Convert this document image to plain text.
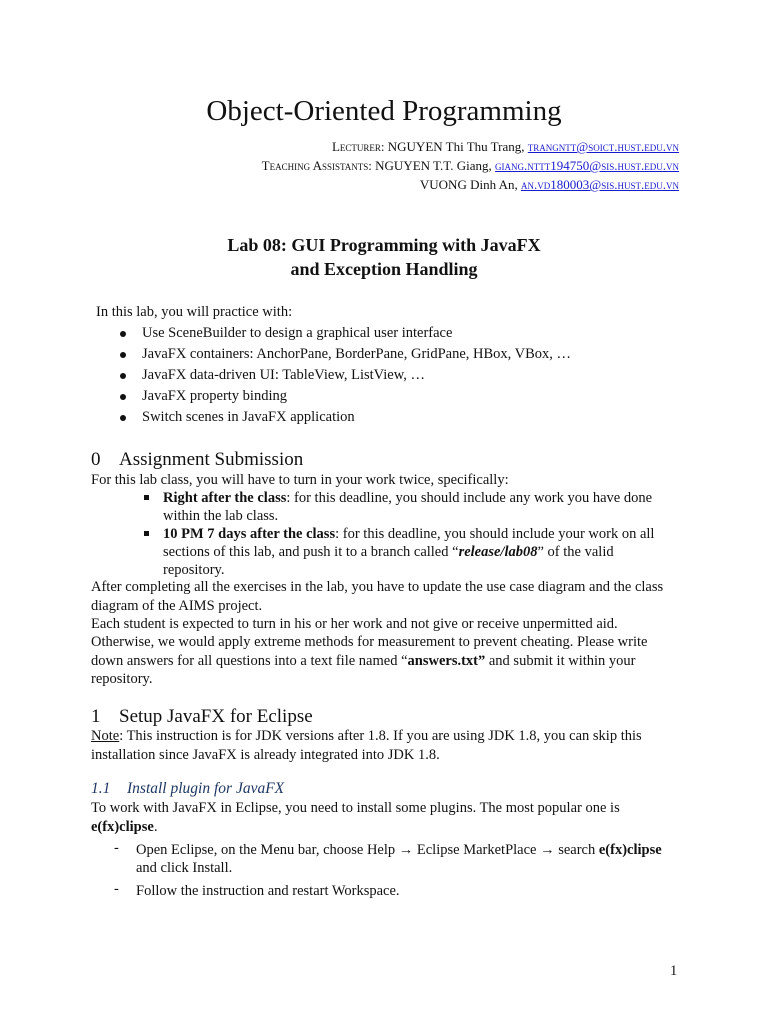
Object-Oriented Programming
Lecturer: NGUYEN Thi Thu Trang, trangntt@soict.hust.edu.vn
Teaching Assistants: NGUYEN T.T. Giang, giang.nttt194750@sis.hust.edu.vn
VUONG Dinh An, an.vd180003@sis.hust.edu.vn
Lab 08: GUI Programming with JavaFX
and Exception Handling
In this lab, you will practice with:
Use SceneBuilder to design a graphical user interface
JavaFX containers: AnchorPane, BorderPane, GridPane, HBox, VBox, …
JavaFX data-driven UI: TableView, ListView, …
JavaFX property binding
Switch scenes in JavaFX application
0 Assignment Submission
For this lab class, you will have to turn in your work twice, specifically:
Right after the class: for this deadline, you should include any work you have done
within the lab class.
10 PM 7 days after the class: for this deadline, you should include your work on all
sections of this lab, and push it to a branch called “release/lab08” of the valid
repository.
After completing all the exercises in the lab, you have to update the use case diagram and the class
diagram of the AIMS project.
Each student is expected to turn in his or her work and not give or receive unpermitted aid.
Otherwise, we would apply extreme methods for measurement to prevent cheating. Please write
down answers for all questions into a text file named “answers.txt” and submit it within your
repository.
1 Setup JavaFX for Eclipse
Note: This instruction is for JDK versions after 1.8. If you are using JDK 1.8, you can skip this
installation since JavaFX is already integrated into JDK 1.8.
1.1 Install plugin for JavaFX
To work with JavaFX in Eclipse, you need to install some plugins. The most popular one is
e(fx)clipse.
- Open Eclipse, on the Menu bar, choose Help → Eclipse MarketPlace → search e(fx)clipse
and click Install.
- Follow the instruction and restart Workspace.
1
